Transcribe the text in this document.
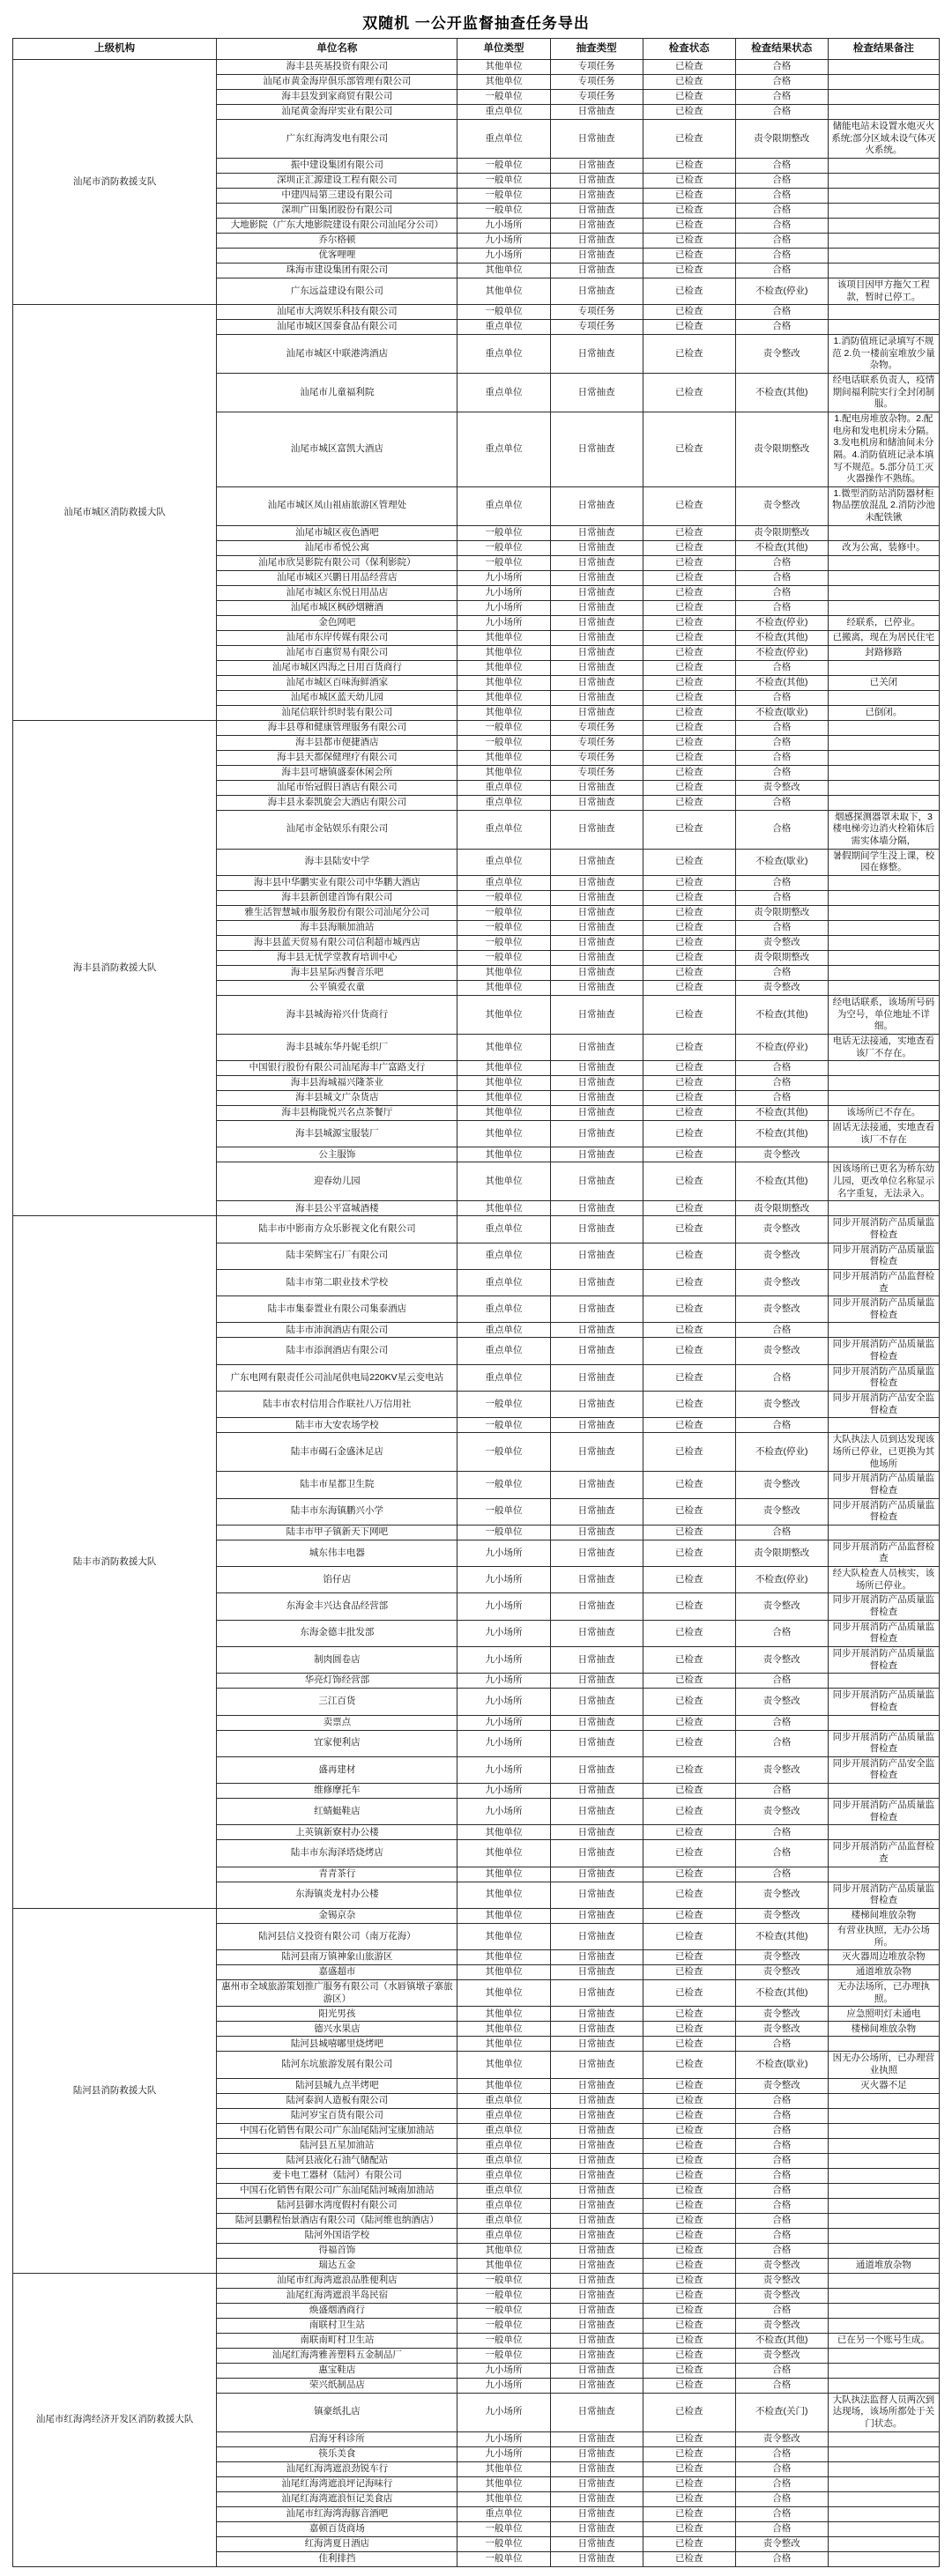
双随机 一公开监督抽查任务导出
上级机构	单位名称	单位类型	抽查类型	检查状态	检查结果状态	检查结果备注
汕尾市消防救援支队	海丰县英基投资有限公司	其他单位	专项任务	已检查	合格	
	汕尾市黄金海岸俱乐部管理有限公司	其他单位	专项任务	已检查	合格	
	海丰县发到家商贸有限公司	一般单位	专项任务	已检查	合格	
	汕尾黄金海岸实业有限公司	重点单位	日常抽查	已检查	合格	
	广东红海湾发电有限公司	重点单位	日常抽查	已检查	责令限期整改	储能电站未设置水炮灭火系统;部分区域未设气体灭火系统。
	振中建设集团有限公司	一般单位	日常抽查	已检查	合格	
	深圳正汇源建设工程有限公司	一般单位	日常抽查	已检查	合格	
	中建四局第三建设有限公司	一般单位	日常抽查	已检查	合格	
	深圳广田集团股份有限公司	一般单位	日常抽查	已检查	合格	
	大地影院（广东大地影院建设有限公司汕尾分公司）	九小场所	日常抽查	已检查	合格	
	乔尔格顿	九小场所	日常抽查	已检查	合格	
	优客哩哩	九小场所	日常抽查	已检查	合格	
	珠海市建设集团有限公司	其他单位	日常抽查	已检查	合格	
	广东远益建设有限公司	其他单位	日常抽查	已检查	不检查(停业)	该项目因甲方拖欠工程款，暂时已停工。
汕尾市城区消防救援大队	汕尾市大湾娱乐科技有限公司	一般单位	专项任务	已检查	合格	
	汕尾市城区国泰食品有限公司	重点单位	专项任务	已检查	合格	
	汕尾市城区中联港湾酒店	重点单位	日常抽查	已检查	责令整改	1.消防值班记录填写不规范 2.负一楼前室堆放少量杂物。
	汕尾市儿童福利院	重点单位	日常抽查	已检查	不检查(其他)	经电话联系负责人，疫情期间福利院实行全封闭制服。
	汕尾市城区富凯大酒店	重点单位	日常抽查	已检查	责令限期整改	1.配电房堆放杂物。2.配电房和发电机房未分隔。3.发电机房和储油间未分隔。4.消防值班记录本填写不规范。5.部分员工灭火器操作不熟练。
	汕尾市城区凤山祖庙旅游区管理处	重点单位	日常抽查	已检查	责令整改	1.微型消防站消防器材柜物品摆放混乱 2.消防沙池未配铁锹
	汕尾市城区夜色酒吧	一般单位	日常抽查	已检查	责令限期整改	
	汕尾市希悦公寓	一般单位	日常抽查	已检查	不检查(其他)	改为公寓，装修中。
	汕尾市欣昊影院有限公司（保利影院）	一般单位	日常抽查	已检查	合格	
	汕尾市城区兴鹏日用品经营店	九小场所	日常抽查	已检查	合格	
	汕尾市城区东悦日用品店	九小场所	日常抽查	已检查	合格	
	汕尾市城区枫砂烟糖酒	九小场所	日常抽查	已检查	合格	
	金色网吧	九小场所	日常抽查	已检查	不检查(停业)	经联系，已停业。
	汕尾市东岸传媒有限公司	其他单位	日常抽查	已检查	不检查(其他)	已搬离，现在为居民住宅
	汕尾市百惠贸易有限公司	其他单位	日常抽查	已检查	不检查(停业)	封路修路
	汕尾市城区四海之日用百货商行	其他单位	日常抽查	已检查	合格	
	汕尾市城区百味海鲜酒家	其他单位	日常抽查	已检查	不检查(其他)	已关闭
	汕尾市城区蓝天幼儿园	其他单位	日常抽查	已检查	合格	
	汕尾信联针织时装有限公司	其他单位	日常抽查	已检查	不检查(歇业)	已倒闭。
海丰县消防救援大队	海丰县尊和健康管理服务有限公司	一般单位	专项任务	已检查	合格	
	海丰县都市便捷酒店	一般单位	专项任务	已检查	合格	
	海丰县天都保健理疗有限公司	其他单位	专项任务	已检查	合格	
	海丰县可塘镇盛泰休闲会所	其他单位	专项任务	已检查	合格	
	汕尾市怡冠假日酒店有限公司	重点单位	日常抽查	已检查	责令整改	
	海丰县永泰凯旋会大酒店有限公司	重点单位	日常抽查	已检查	合格	
	汕尾市金钻娱乐有限公司	重点单位	日常抽查	已检查	合格	烟感探测器罩未取下，3楼电梯旁边消火栓箱体后需实体墙分隔，
	海丰县陆安中学	重点单位	日常抽查	已检查	不检查(歇业)	暑假期间学生没上课，校园在修整。
	海丰县中华鹏实业有限公司中华鹏大酒店	重点单位	日常抽查	已检查	合格	
	海丰县新创建首饰有限公司	一般单位	日常抽查	已检查	合格	
	雅生活智慧城市服务股份有限公司汕尾分公司	一般单位	日常抽查	已检查	责令限期整改	
	海丰县海顺加油站	一般单位	日常抽查	已检查	合格	
	海丰县蓝天贸易有限公司信利超市城西店	一般单位	日常抽查	已检查	责令整改	
	海丰县无忧学堂教育培训中心	一般单位	日常抽查	已检查	责令限期整改	
	海丰县星际西餐音乐吧	其他单位	日常抽查	已检查	合格	
	公平镇爱衣童	其他单位	日常抽查	已检查	责令整改	
	海丰县城海裕兴什货商行	其他单位	日常抽查	已检查	不检查(其他)	经电话联系，该场所号码为空号，单位地址不详细。
	海丰县城东华丹妮毛织厂	其他单位	日常抽查	已检查	不检查(停业)	电话无法接通，实地查看该厂不存在。
	中国银行股份有限公司汕尾海丰广富路支行	其他单位	日常抽查	已检查	合格	
	海丰县海城福兴隆茶业	其他单位	日常抽查	已检查	合格	
	海丰县城文广杂货店	其他单位	日常抽查	已检查	合格	
	海丰县梅陇悦兴名点茶餐厅	其他单位	日常抽查	已检查	不检查(其他)	该场所已不存在。
	海丰县城源宝服装厂	其他单位	日常抽查	已检查	不检查(其他)	固话无法接通，实地查看该厂不存在
	公主服饰	其他单位	日常抽查	已检查	责令整改	
	迎春幼儿园	其他单位	日常抽查	已检查	不检查(其他)	因该场所已更名为桥东幼儿园，更改单位名称显示名字重复，无法录入。
	海丰县公平富城酒楼	其他单位	日常抽查	已检查	责令限期整改	
陆丰市消防救援大队	陆丰市中影南方众乐影视文化有限公司	重点单位	日常抽查	已检查	责令整改	同步开展消防产品质量监督检查
	陆丰荣辉宝石厂有限公司	重点单位	日常抽查	已检查	责令整改	同步开展消防产品质量监督检查
	陆丰市第二职业技术学校	重点单位	日常抽查	已检查	责令整改	同步开展消防产品监督检查
	陆丰市集泰置业有限公司集泰酒店	重点单位	日常抽查	已检查	责令整改	同步开展消防产品质量监督检查
	陆丰市沛润酒店有限公司	重点单位	日常抽查	已检查	合格	
	陆丰市添润酒店有限公司	重点单位	日常抽查	已检查	责令整改	同步开展消防产品质量监督检查
	广东电网有限责任公司汕尾供电局220KV星云变电站	重点单位	日常抽查	已检查	合格	同步开展消防产品质量监督检查
	陆丰市农村信用合作联社八万信用社	一般单位	日常抽查	已检查	责令整改	同步开展消防产品安全监督检查
	陆丰市大安农场学校	一般单位	日常抽查	已检查	合格	
	陆丰市碣石金盛沐足店	一般单位	日常抽查	已检查	不检查(停业)	大队执法人员到达发现该场所已停业，已更换为其他场所
	陆丰市星都卫生院	一般单位	日常抽查	已检查	责令整改	同步开展消防产品质量监督检查
	陆丰市东海镇鹏兴小学	一般单位	日常抽查	已检查	责令整改	同步开展消防产品质量监督检查
	陆丰市甲子镇新天下网吧	一般单位	日常抽查	已检查	合格	
	城东伟丰电器	九小场所	日常抽查	已检查	责令限期整改	同步开展消防产品监督检查
	馅仔店	九小场所	日常抽查	已检查	不检查(停业)	经大队检查人员核实，该场所已停业。
	东海金丰兴达食品经营部	九小场所	日常抽查	已检查	责令整改	同步开展消防产品质量监督检查
	东海金德丰批发部	九小场所	日常抽查	已检查	合格	同步开展消防产品质量监督检查
	制肉圆卷店	九小场所	日常抽查	已检查	责令整改	同步开展消防产品质量监督检查
	华亮灯饰经营部	九小场所	日常抽查	已检查	合格	
	三江百货	九小场所	日常抽查	已检查	责令整改	同步开展消防产品质量监督检查
	卖票点	九小场所	日常抽查	已检查	合格	
	宜家便利店	九小场所	日常抽查	已检查	合格	同步开展消防产品质量监督检查
	盛再建材	九小场所	日常抽查	已检查	责令整改	同步开展消防产品安全监督检查
	维修摩托车	九小场所	日常抽查	已检查	合格	
	红蜻蜓鞋店	九小场所	日常抽查	已检查	责令整改	同步开展消防产品质量监督检查
	上英镇新寮村办公楼	其他单位	日常抽查	已检查	合格	
	陆丰市东海泽塔烧烤店	其他单位	日常抽查	已检查	合格	同步开展消防产品监督检查
	青青茶行	其他单位	日常抽查	已检查	合格	
	东海镇炎龙村办公楼	其他单位	日常抽查	已检查	责令整改	同步开展消防产品质量监督检查
陆河县消防救援大队	金锡京杂	其他单位	日常抽查	已检查	责令整改	楼梯间堆放杂物
	陆河县信义投资有限公司（南万花海）	其他单位	日常抽查	已检查	不检查(其他)	有营业执照，无办公场所。
	陆河县南万镇神象山旅游区	其他单位	日常抽查	已检查	责令整改	灭火器周边堆放杂物
	嘉盛超市	其他单位	日常抽查	已检查	责令整改	通道堆放杂物
	惠州市全域旅游策划推广服务有限公司（水唇镇墩子寨旅游区）	其他单位	日常抽查	已检查	不检查(其他)	无办法场所，已办理执照。
	阳光男孩	其他单位	日常抽查	已检查	责令整改	应急照明灯未通电
	德兴水果店	其他单位	日常抽查	已检查	责令整改	楼梯间堆放杂物
	陆河县城嘻嘟里烧烤吧	其他单位	日常抽查	已检查	合格	
	陆河东坑旅游发展有限公司	其他单位	日常抽查	已检查	不检查(歇业)	因无办公场所，已办理营业执照
	陆河县城九点半烤吧	其他单位	日常抽查	已检查	责令整改	灭火器不足
	陆河泰润人造板有限公司	重点单位	日常抽查	已检查	合格	
	陆河岁宝百货有限公司	重点单位	日常抽查	已检查	合格	
	中国石化销售有限公司广东汕尾陆河宝康加油站	重点单位	日常抽查	已检查	合格	
	陆河县五星加油站	重点单位	日常抽查	已检查	合格	
	陆河县液化石油气储配站	重点单位	日常抽查	已检查	合格	
	麦卡电工器材（陆河）有限公司	重点单位	日常抽查	已检查	合格	
	中国石化销售有限公司广东汕尾陆河城南加油站	重点单位	日常抽查	已检查	合格	
	陆河县御水湾度假村有限公司	重点单位	日常抽查	已检查	合格	
	陆河县鹏程怡景酒店有限公司（陆河维也纳酒店）	重点单位	日常抽查	已检查	合格	
	陆河外国语学校	重点单位	日常抽查	已检查	合格	
	得福首饰	其他单位	日常抽查	已检查	合格	
	瑞达五金	其他单位	日常抽查	已检查	责令整改	通道堆放杂物
汕尾市红海湾经济开发区消防救援大队	汕尾市红海湾遮浪品胜便利店	一般单位	日常抽查	已检查	责令整改	
	汕尾红海湾遮浪半岛民宿	一般单位	日常抽查	已检查	责令整改	
	焕盛烟酒商行	一般单位	日常抽查	已检查	合格	
	南联村卫生站	一般单位	日常抽查	已检查	责令整改	
	南联南町村卫生站	一般单位	日常抽查	已检查	不检查(其他)	已在另一个账号生成。
	汕尾红海湾雅善塑料五金制品厂	一般单位	日常抽查	已检查	责令整改	
	惠宝鞋店	九小场所	日常抽查	已检查	合格	
	荣兴纸制品店	九小场所	日常抽查	已检查	合格	
	镇豪纸扎店	九小场所	日常抽查	已检查	不检查(关门)	大队执法监督人员两次到达现场，该场所都处于关门状态。
	启海牙科诊所	九小场所	日常抽查	已检查	责令整改	
	筷乐美食	九小场所	日常抽查	已检查	合格	
	汕尾红海湾遮浪劲锐车行	其他单位	日常抽查	已检查	合格	
	汕尾红海湾遮浪坪记海味行	其他单位	日常抽查	已检查	合格	
	汕尾红海湾遮浪恒记美食店	其他单位	日常抽查	已检查	合格	
	汕尾市红海湾海豚音酒吧	重点单位	日常抽查	已检查	合格	
	嘉顿百货商场	一般单位	日常抽查	已检查	合格	
	红海湾夏日酒店	一般单位	日常抽查	已检查	责令整改	
	佳利排挡	一般单位	日常抽查	已检查	合格	
